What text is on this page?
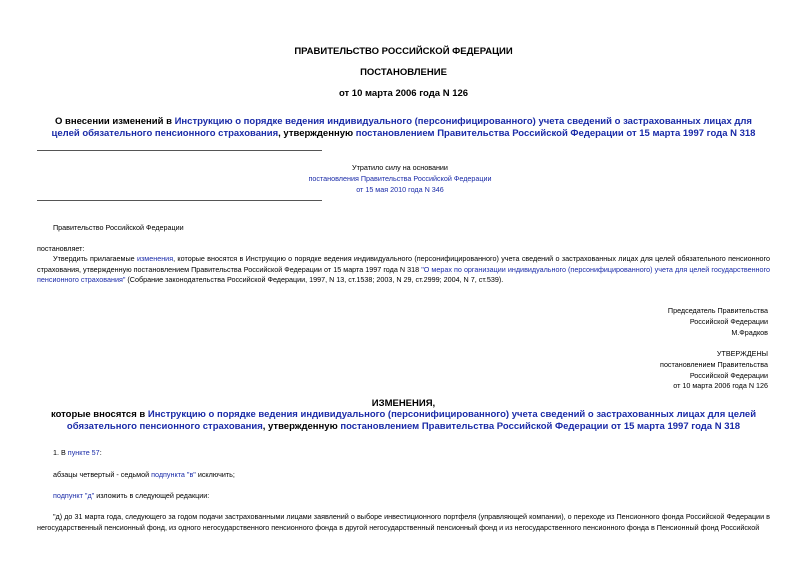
ПРАВИТЕЛЬСТВО РОССИЙСКОЙ ФЕДЕРАЦИИ
ПОСТАНОВЛЕНИЕ
от 10 марта 2006 года N 126
О внесении изменений в Инструкцию о порядке ведения индивидуального (персонифицированного) учета сведений о застрахованных лицах для целей обязательного пенсионного страхования, утвержденную постановлением Правительства Российской Федерации от 15 марта 1997 года N 318
Утратило силу на основании
постановления Правительства Российской Федерации
от 15 мая 2010 года N 346
Правительство Российской Федерации
постановляет:
Утвердить прилагаемые изменения, которые вносятся в Инструкцию о порядке ведения индивидуального (персонифицированного) учета сведений о застрахованных лицах для целей обязательного пенсионного страхования, утвержденную постановлением Правительства Российской Федерации от 15 марта 1997 года N 318 "О мерах по организации индивидуального (персонифицированного) учета для целей государственного пенсионного страхования" (Собрание законодательства Российской Федерации, 1997, N 13, ст.1538; 2003, N 29, ст.2999; 2004, N 7, ст.539).
Председатель Правительства
Российской Федерации
М.Фрадков
УТВЕРЖДЕНЫ
постановлением Правительства
Российской Федерации
от 10 марта 2006 года N 126
ИЗМЕНЕНИЯ,
которые вносятся в Инструкцию о порядке ведения индивидуального (персонифицированного) учета сведений о застрахованных лицах для целей обязательного пенсионного страхования, утвержденную постановлением Правительства Российской Федерации от 15 марта 1997 года N 318
1. В пункте 57:
абзацы четвертый - седьмой подпункта "в" исключить;
подпункт "д" изложить в следующей редакции:
"д) до 31 марта года, следующего за годом подачи застрахованными лицами заявлений о выборе инвестиционного портфеля (управляющей компании), о переходе из Пенсионного фонда Российской Федерации в негосударственный пенсионный фонд, из одного негосударственного пенсионного фонда в другой негосударственный пенсионный фонд и из негосударственного пенсионного фонда в Пенсионный фонд Российской
